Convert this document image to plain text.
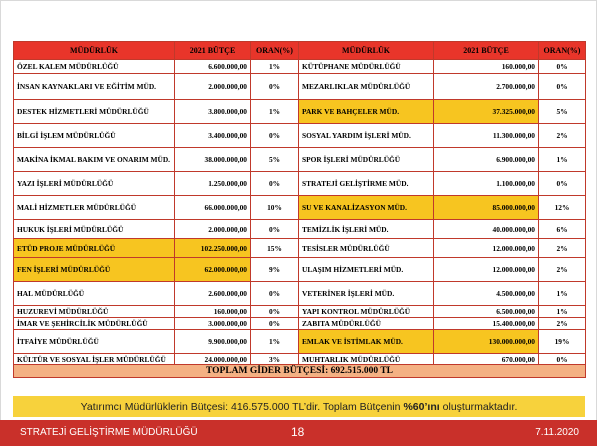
MÜDÜRLÜK	2021 BÜTÇE	ORAN(%)	MÜDÜRLÜK	2021 BÜTÇE	ORAN(%)
ÖZEL KALEM MÜDÜRLÜĞÜ	6.600.000,00	1%	KÜTÜPHANE MÜDÜRLÜĞÜ	160.000,00	0%
İNSAN KAYNAKLARI VE EĞİTİM MÜD.	2.000.000,00	0%	MEZARLIKLAR MÜDÜRLÜĞÜ	2.700.000,00	0%
DESTEK HİZMETLERİ MÜDÜRLÜĞÜ	3.800.000,00	1%	PARK VE BAHÇELER MÜD.	37.325.000,00	5%
BİLGİ İŞLEM MÜDÜRLÜĞÜ	3.400.000,00	0%	SOSYAL YARDIM İŞLERİ MÜD.	11.300.000,00	2%
MAKİNA İKMAL BAKIM VE ONARIM MÜD.	38.000.000,00	5%	SPOR İŞLERİ MÜDÜRLÜĞÜ	6.900.000,00	1%
YAZI İŞLERİ MÜDÜRLÜĞÜ	1.250.000,00	0%	STRATEJİ GELİŞTİRME MÜD.	1.100.000,00	0%
MALİ HİZMETLER MÜDÜRLÜĞÜ	66.000.000,00	10%	SU VE KANALİZASYON MÜD.	85.000.000,00	12%
HUKUK İŞLERİ MÜDÜRLÜĞÜ	2.000.000,00	0%	TEMİZLİK İŞLERİ MÜD.	40.000.000,00	6%
ETÜD PROJE MÜDÜRLÜĞÜ	102.250.000,00	15%	TESİSLER MÜDÜRLÜĞÜ	12.000.000,00	2%
FEN İŞLERİ MÜDÜRLÜĞÜ	62.000.000,00	9%	ULAŞIM HİZMETLERİ MÜD.	12.000.000,00	2%
HAL MÜDÜRLÜĞÜ	2.600.000,00	0%	VETERİNER İŞLERİ MÜD.	4.500.000,00	1%
HUZUREVİ MÜDÜRLÜĞÜ	160.000,00	0%	YAPI KONTROL MÜDÜRLÜĞÜ	6.500.000,00	1%
İMAR VE ŞEHİRCİLİK MÜDÜRLÜĞÜ	3.000.000,00	0%	ZABITA MÜDÜRLÜĞÜ	15.400.000,00	2%
İTFAİYE MÜDÜRLÜĞÜ	9.900.000,00	1%	EMLAK VE İSTİMLAK MÜD.	130.000.000,00	19%
KÜLTÜR VE SOSYAL İŞLER MÜDÜRLÜĞÜ	24.000.000,00	3%	MUHTARLIK MÜDÜRLÜĞÜ	670.000,00	0%
TOPLAM GİDER BÜTÇESİ: 692.515.000 TL					
Yatırımcı Müdürlüklerin Bütçesi: 416.575.000 TL’dir. Toplam Bütçenin %60’ını oluşturmaktadır.
STRATEJİ GELİŞTİRME MÜDÜRLÜĞÜ	18	7.11.2020
